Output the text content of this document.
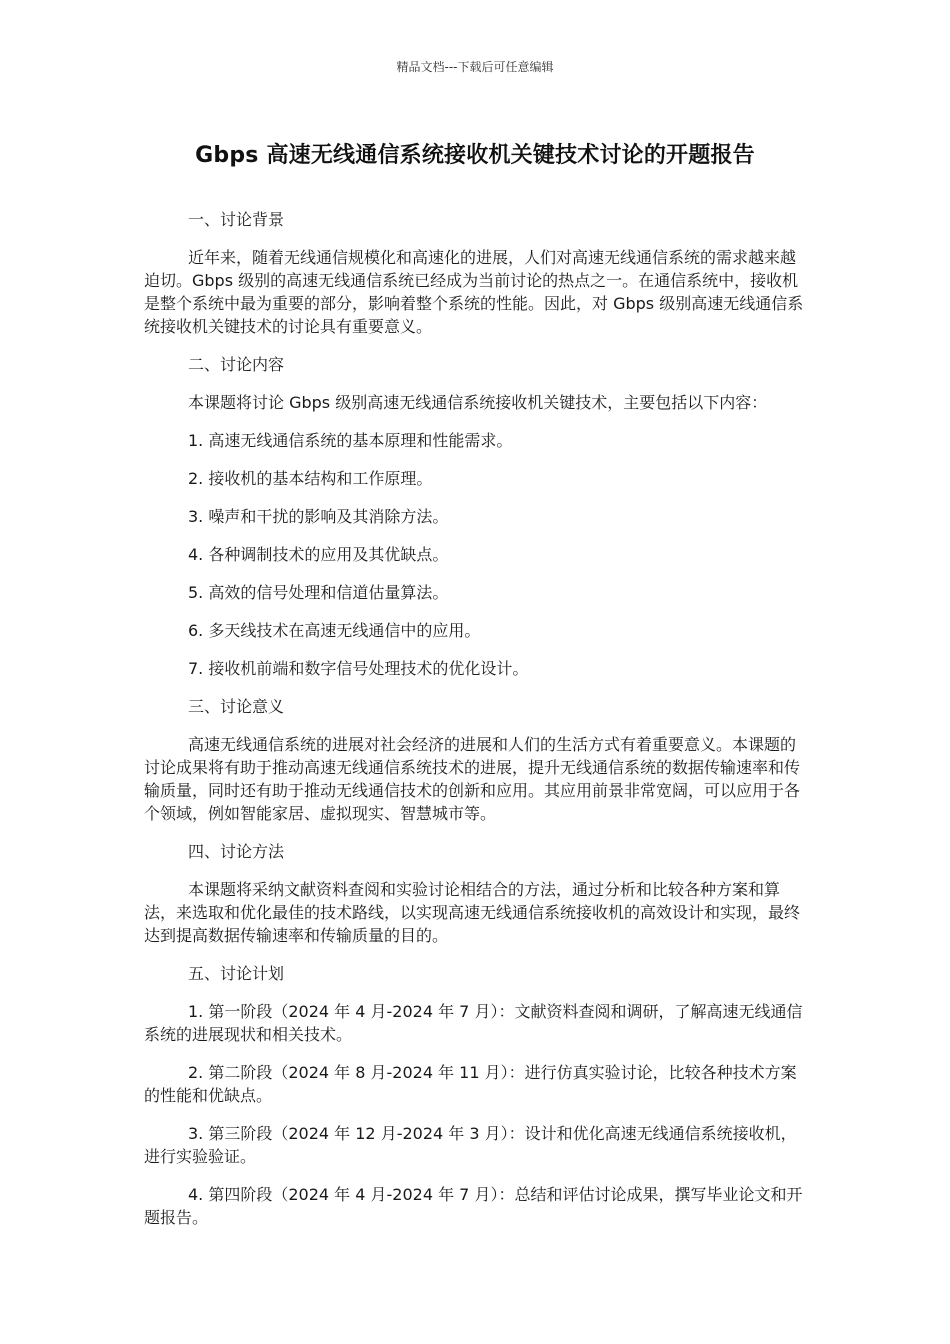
精品文档---下载后可任意编辑
Gbps 高速无线通信系统接收机关键技术讨论的开题报告

一、讨论背景

近年来，随着无线通信规模化和高速化的进展，人们对高速无线通信系统的需求越来越迫切。Gbps 级别的高速无线通信系统已经成为当前讨论的热点之一。在通信系统中，接收机是整个系统中最为重要的部分，影响着整个系统的性能。因此，对 Gbps 级别高速无线通信系统接收机关键技术的讨论具有重要意义。

二、讨论内容

本课题将讨论 Gbps 级别高速无线通信系统接收机关键技术，主要包括以下内容：

1. 高速无线通信系统的基本原理和性能需求。

2. 接收机的基本结构和工作原理。

3. 噪声和干扰的影响及其消除方法。

4. 各种调制技术的应用及其优缺点。

5. 高效的信号处理和信道估量算法。

6. 多天线技术在高速无线通信中的应用。

7. 接收机前端和数字信号处理技术的优化设计。

三、讨论意义

高速无线通信系统的进展对社会经济的进展和人们的生活方式有着重要意义。本课题的讨论成果将有助于推动高速无线通信系统技术的进展，提升无线通信系统的数据传输速率和传输质量，同时还有助于推动无线通信技术的创新和应用。其应用前景非常宽阔，可以应用于各个领域，例如智能家居、虚拟现实、智慧城市等。

四、讨论方法

本课题将采纳文献资料查阅和实验讨论相结合的方法，通过分析和比较各种方案和算法，来选取和优化最佳的技术路线，以实现高速无线通信系统接收机的高效设计和实现，最终达到提高数据传输速率和传输质量的目的。

五、讨论计划

1. 第一阶段（2024 年 4 月-2024 年 7 月）：文献资料查阅和调研，了解高速无线通信系统的进展现状和相关技术。

2. 第二阶段（2024 年 8 月-2024 年 11 月）：进行仿真实验讨论，比较各种技术方案的性能和优缺点。

3. 第三阶段（2024 年 12 月-2024 年 3 月）：设计和优化高速无线通信系统接收机，进行实验验证。

4. 第四阶段（2024 年 4 月-2024 年 7 月）：总结和评估讨论成果，撰写毕业论文和开题报告。
